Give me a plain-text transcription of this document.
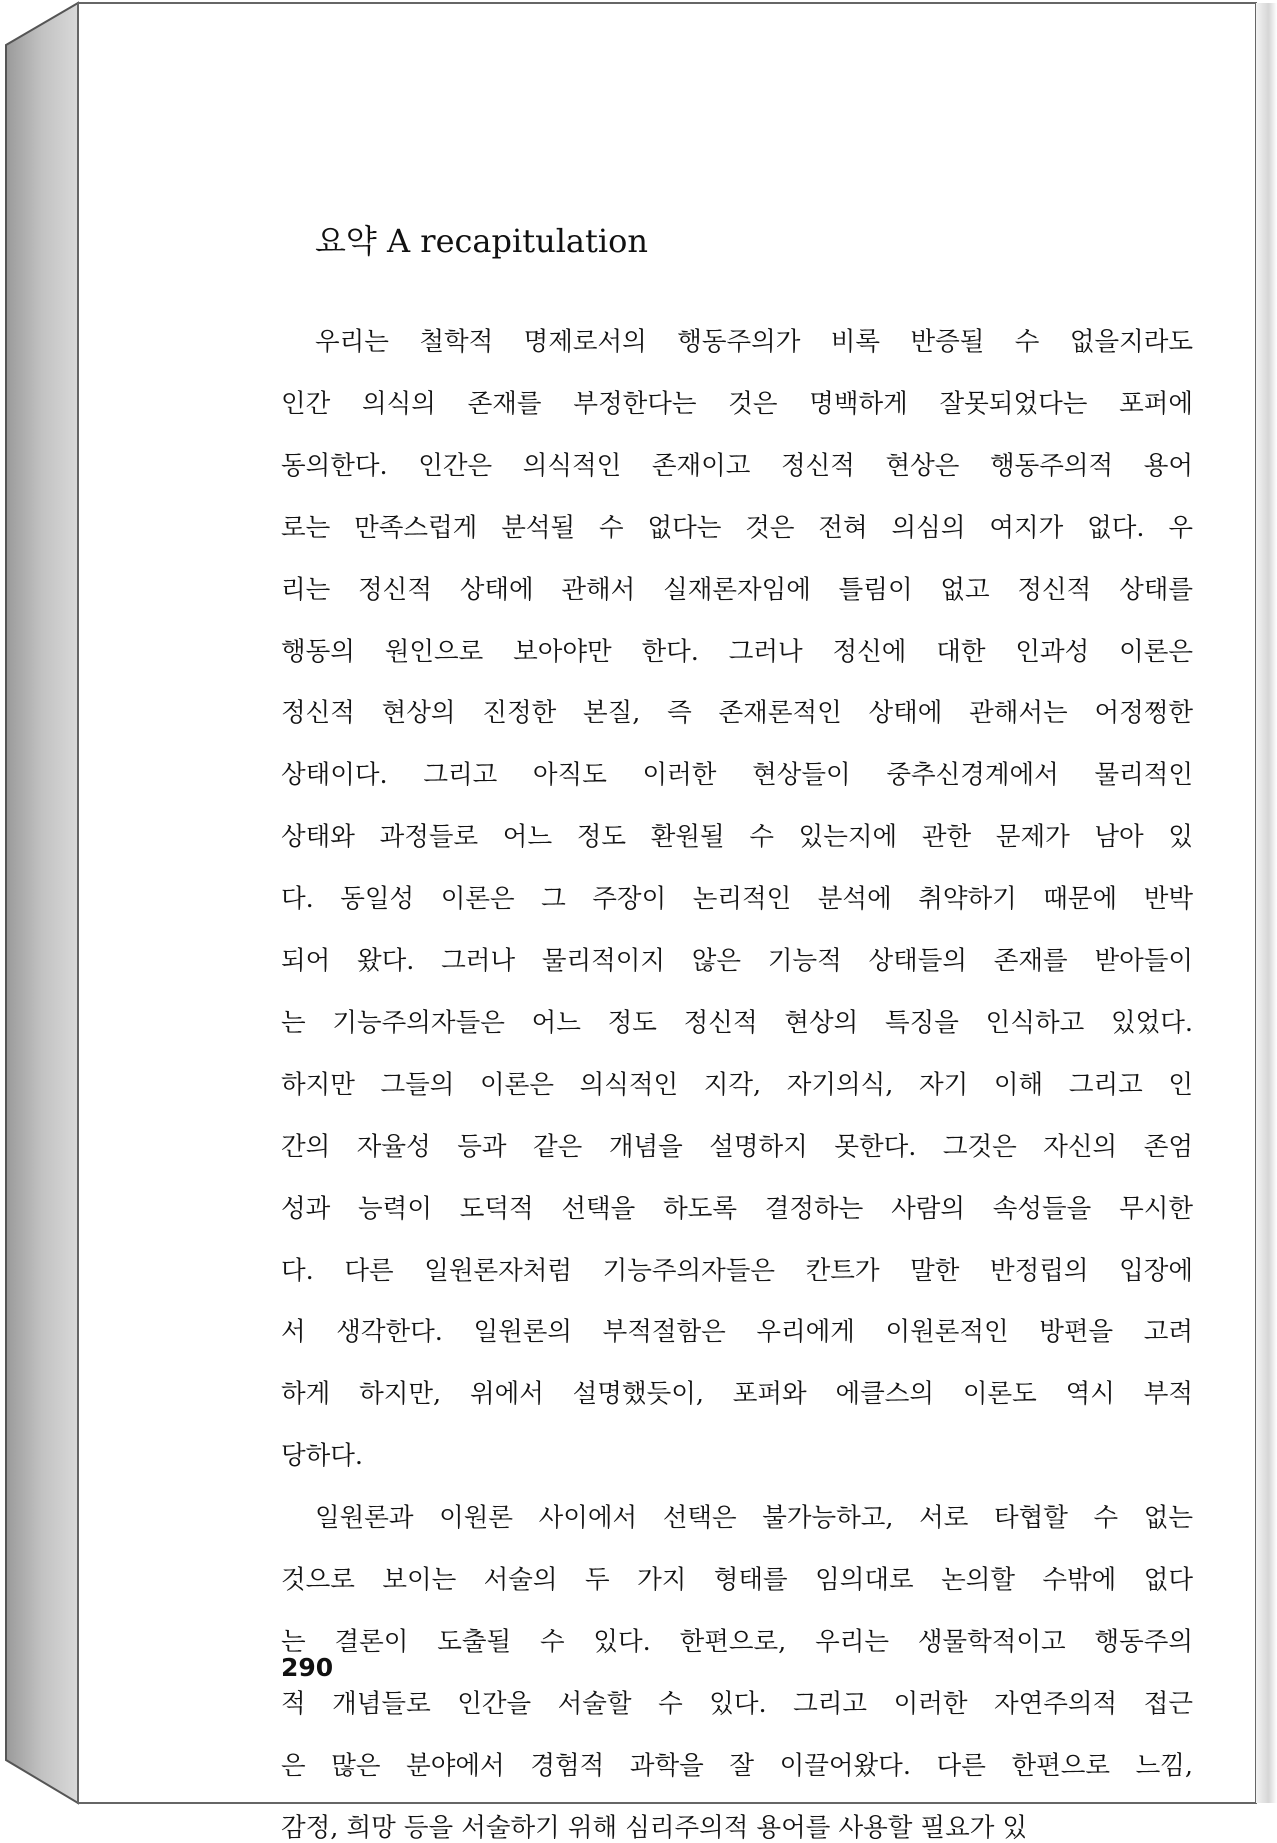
요약 A recapitulation
우리는 철학적 명제로서의 행동주의가 비록 반증될 수 없을지라도
인간 의식의 존재를 부정한다는 것은 명백하게 잘못되었다는 포퍼에
동의한다. 인간은 의식적인 존재이고 정신적 현상은 행동주의적 용어
로는 만족스럽게 분석될 수 없다는 것은 전혀 의심의 여지가 없다. 우
리는 정신적 상태에 관해서 실재론자임에 틀림이 없고 정신적 상태를
행동의 원인으로 보아야만 한다. 그러나 정신에 대한 인과성 이론은
정신적 현상의 진정한 본질, 즉 존재론적인 상태에 관해서는 어정쩡한
상태이다. 그리고 아직도 이러한 현상들이 중추신경계에서 물리적인
상태와 과정들로 어느 정도 환원될 수 있는지에 관한 문제가 남아 있
다. 동일성 이론은 그 주장이 논리적인 분석에 취약하기 때문에 반박
되어 왔다. 그러나 물리적이지 않은 기능적 상태들의 존재를 받아들이
는 기능주의자들은 어느 정도 정신적 현상의 특징을 인식하고 있었다.
하지만 그들의 이론은 의식적인 지각, 자기의식, 자기 이해 그리고 인
간의 자율성 등과 같은 개념을 설명하지 못한다. 그것은 자신의 존엄
성과 능력이 도덕적 선택을 하도록 결정하는 사람의 속성들을 무시한
다. 다른 일원론자처럼 기능주의자들은 칸트가 말한 반정립의 입장에
서 생각한다. 일원론의 부적절함은 우리에게 이원론적인 방편을 고려
하게 하지만, 위에서 설명했듯이, 포퍼와 에클스의 이론도 역시 부적
당하다.
일원론과 이원론 사이에서 선택은 불가능하고, 서로 타협할 수 없는
것으로 보이는 서술의 두 가지 형태를 임의대로 논의할 수밖에 없다
는 결론이 도출될 수 있다. 한편으로, 우리는 생물학적이고 행동주의
적 개념들로 인간을 서술할 수 있다. 그리고 이러한 자연주의적 접근
은 많은 분야에서 경험적 과학을 잘 이끌어왔다. 다른 한편으로 느낌,
감정, 희망 등을 서술하기 위해 심리주의적 용어를 사용할 필요가 있
290
